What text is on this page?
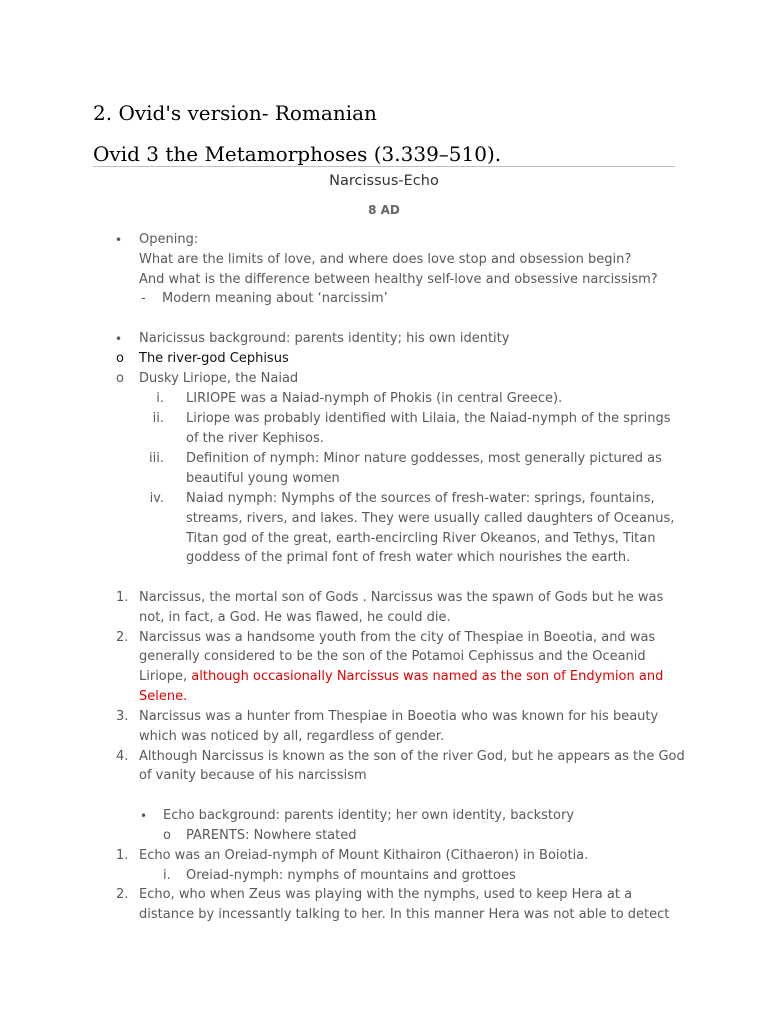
2. Ovid's version- Romanian
Ovid 3 the Metamorphoses (3.339–510).
Narcissus-Echo
8 AD
• Opening:
What are the limits of love, and where does love stop and obsession begin?
And what is the difference between healthy self-love and obsessive narcissism?
- Modern meaning about ‘narcissim’
• Naricissus background: parents identity; his own identity
o The river-god Cephisus
o Dusky Liriope, the Naiad
i. LIRIOPE was a Naiad-nymph of Phokis (in central Greece).
ii. Liriope was probably identified with Lilaia, the Naiad-nymph of the springs
of the river Kephisos.
iii. Definition of nymph: Minor nature goddesses, most generally pictured as
beautiful young women
iv. Naiad nymph: Nymphs of the sources of fresh-water: springs, fountains,
streams, rivers, and lakes. They were usually called daughters of Oceanus,
Titan god of the great, earth-encircling River Okeanos, and Tethys, Titan
goddess of the primal font of fresh water which nourishes the earth.
1. Narcissus, the mortal son of Gods . Narcissus was the spawn of Gods but he was
not, in fact, a God. He was flawed, he could die.
2. Narcissus was a handsome youth from the city of Thespiae in Boeotia, and was
generally considered to be the son of the Potamoi Cephissus and the Oceanid
Liriope, although occasionally Narcissus was named as the son of Endymion and
Selene.
3. Narcissus was a hunter from Thespiae in Boeotia who was known for his beauty
which was noticed by all, regardless of gender.
4. Although Narcissus is known as the son of the river God, but he appears as the God
of vanity because of his narcissism
• Echo background: parents identity; her own identity, backstory
o PARENTS: Nowhere stated
1. Echo was an Oreiad-nymph of Mount Kithairon (Cithaeron) in Boiotia.
i. Oreiad-nymph: nymphs of mountains and grottoes
2. Echo, who when Zeus was playing with the nymphs, used to keep Hera at a
distance by incessantly talking to her. In this manner Hera was not able to detect
